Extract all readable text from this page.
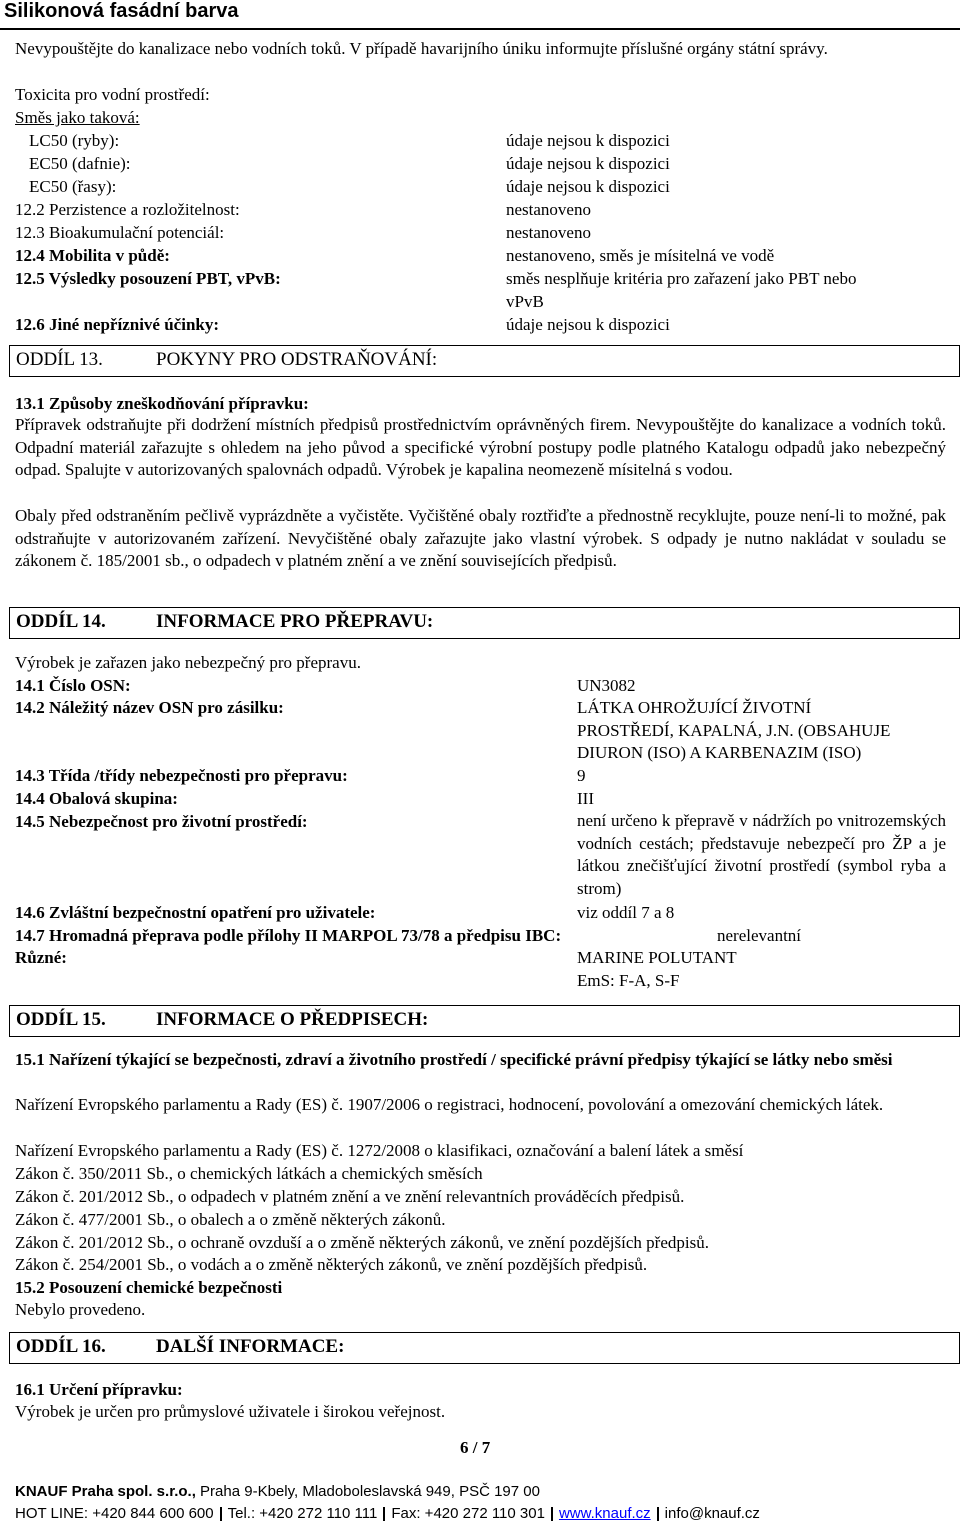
Silikonová fasádní barva
Nevypouštějte do kanalizace nebo vodních toků. V případě havarijního úniku informujte příslušné orgány státní správy.
Toxicita pro vodní prostředí:
Směs jako taková:
LC50 (ryby):	údaje nejsou k dispozici
EC50 (dafnie):	údaje nejsou k dispozici
EC50 (řasy):	údaje nejsou k dispozici
12.2 Perzistence a rozložitelnost:	nestanoveno
12.3 Bioakumulační potenciál:	nestanoveno
12.4 Mobilita v půdě:	nestanoveno, směs je mísitelná ve vodě
12.5 Výsledky posouzení PBT, vPvB:	směs nesplňuje kritéria pro zařazení jako PBT nebo
vPvB
12.6 Jiné nepříznivé účinky:	údaje nejsou k dispozici
ODDÍL 13.	POKYNY PRO ODSTRAŇOVÁNÍ:
13.1 Způsoby zneškodňování přípravku:
Přípravek odstraňujte při dodržení místních předpisů prostřednictvím oprávněných firem. Nevypouštějte do kanalizace a vodních toků. Odpadní materiál zařazujte s ohledem na jeho původ a specifické výrobní postupy podle platného Katalogu odpadů jako nebezpečný odpad. Spalujte v autorizovaných spalovnách odpadů. Výrobek je kapalina neomezeně mísitelná s vodou.
Obaly před odstraněním pečlivě vyprázdněte a vyčistěte. Vyčištěné obaly roztřiďte a přednostně recyklujte, pouze není-li to možné, pak odstraňujte v autorizovaném zařízení. Nevyčištěné obaly zařazujte jako vlastní výrobek. S odpady je nutno nakládat v souladu se zákonem č. 185/2001 sb., o odpadech v platném znění a ve znění souvisejících předpisů.
ODDÍL 14.	INFORMACE PRO PŘEPRAVU:
Výrobek je zařazen jako nebezpečný pro přepravu.
14.1 Číslo OSN:	UN3082
14.2 Náležitý název OSN pro zásilku:	LÁTKA OHROŽUJÍCÍ ŽIVOTNÍ
PROSTŘEDÍ, KAPALNÁ, J.N. (OBSAHUJE
DIURON (ISO) A KARBENAZIM (ISO)
14.3 Třída /třídy nebezpečnosti pro přepravu:	9
14.4 Obalová skupina:	III
14.5 Nebezpečnost pro životní prostředí:	není určeno k přepravě v nádržích po vnitrozemských vodních cestách; představuje nebezpečí pro ŽP a je látkou znečišťující životní prostředí (symbol ryba a strom)
14.6 Zvláštní bezpečnostní opatření pro uživatele:	viz oddíl 7 a 8
14.7 Hromadná přeprava podle přílohy II MARPOL 73/78 a předpisu IBC:	nerelevantní
Různé:	MARINE POLUTANT
EmS: F-A, S-F
ODDÍL 15.	INFORMACE O PŘEDPISECH:
15.1 Nařízení týkající se bezpečnosti, zdraví a životního prostředí / specifické právní předpisy týkající se látky nebo směsi
Nařízení Evropského parlamentu a Rady (ES) č. 1907/2006 o registraci, hodnocení, povolování a omezování chemických látek.
Nařízení Evropského parlamentu a Rady (ES) č. 1272/2008 o klasifikaci, označování a balení látek a směsí
Zákon č. 350/2011 Sb., o chemických látkách a chemických směsích
Zákon č. 201/2012 Sb., o odpadech v platném znění a ve znění relevantních prováděcích předpisů.
Zákon č. 477/2001 Sb., o obalech a o změně některých zákonů.
Zákon č. 201/2012 Sb., o ochraně ovzduší a o změně některých zákonů, ve znění pozdějších předpisů.
Zákon č. 254/2001 Sb., o vodách a o změně některých zákonů, ve znění pozdějších předpisů.
15.2 Posouzení chemické bezpečnosti
Nebylo provedeno.
ODDÍL 16.	DALŠÍ INFORMACE:
16.1 Určení přípravku:
Výrobek je určen pro průmyslové uživatele i širokou veřejnost.
6 / 7
KNAUF Praha spol. s.r.o., Praha 9-Kbely, Mladoboleslavská 949, PSČ 197 00
HOT LINE: +420 844 600 600 Tel.: +420 272 110 111 Fax: +420 272 110 301 www.knauf.cz info@knauf.cz
